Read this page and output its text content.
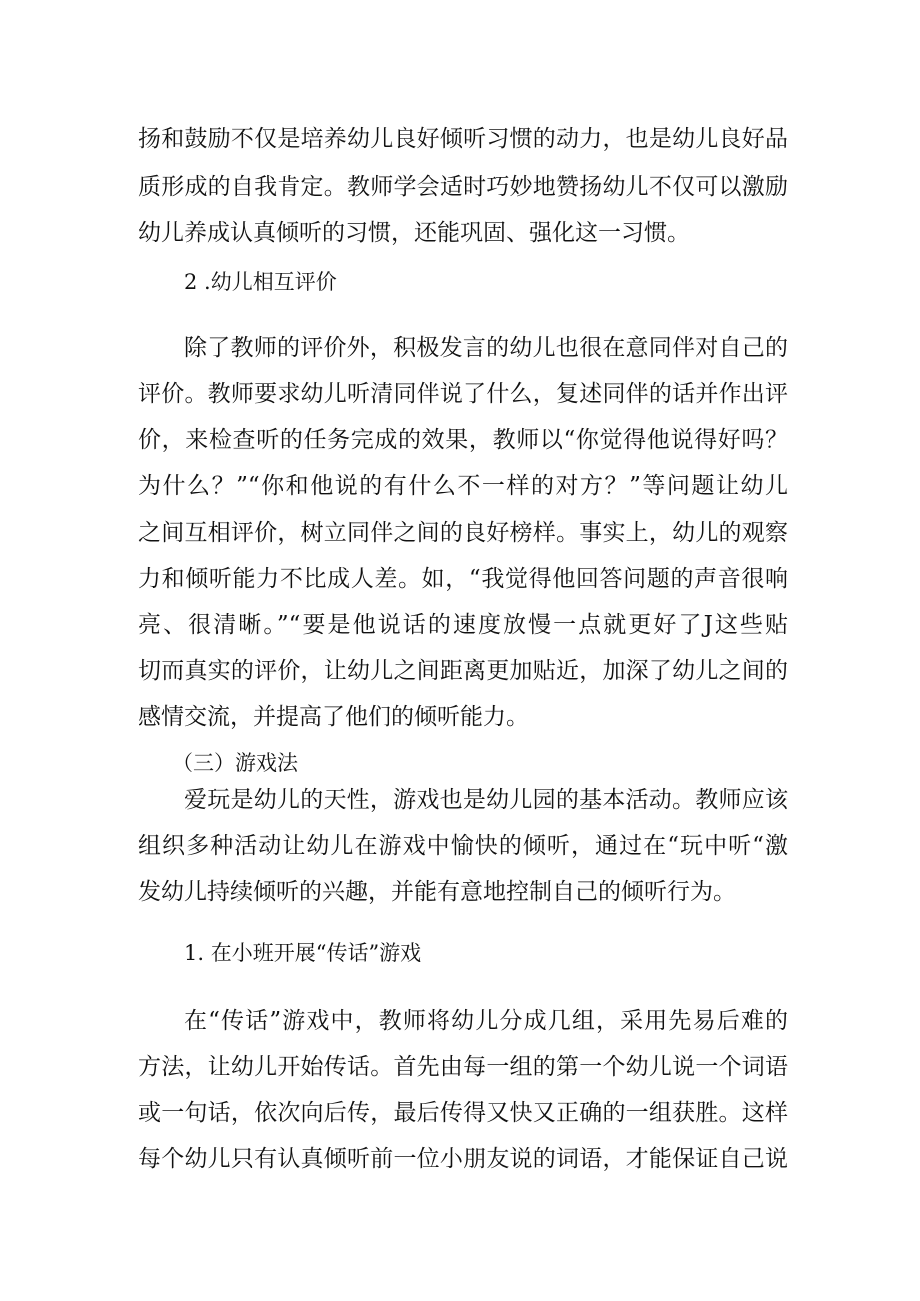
扬和鼓励不仅是培养幼儿良好倾听习惯的动力，也是幼儿良好品
质形成的自我肯定。教师学会适时巧妙地赞扬幼儿不仅可以激励
幼儿养成认真倾听的习惯，还能巩固、强化这一习惯。
2 .幼儿相互评价
除了教师的评价外，积极发言的幼儿也很在意同伴对自己的
评价。教师要求幼儿听清同伴说了什么，复述同伴的话并作出评
价，来检查听的任务完成的效果，教师以“你觉得他说得好吗？
为什么？”“你和他说的有什么不一样的对方？”等问题让幼儿
之间互相评价，树立同伴之间的良好榜样。事实上，幼儿的观察
力和倾听能力不比成人差。如，“我觉得他回答问题的声音很响
亮、很清晰。”“要是他说话的速度放慢一点就更好了J这些贴
切而真实的评价，让幼儿之间距离更加贴近，加深了幼儿之间的
感情交流，并提高了他们的倾听能力。
（三）游戏法
爱玩是幼儿的天性，游戏也是幼儿园的基本活动。教师应该
组织多种活动让幼儿在游戏中愉快的倾听，通过在“玩中听“激
发幼儿持续倾听的兴趣，并能有意地控制自己的倾听行为。
1. 在小班开展“传话”游戏
在“传话”游戏中，教师将幼儿分成几组，采用先易后难的
方法，让幼儿开始传话。首先由每一组的第一个幼儿说一个词语
或一句话，依次向后传，最后传得又快又正确的一组获胜。这样
每个幼儿只有认真倾听前一位小朋友说的词语，才能保证自己说
